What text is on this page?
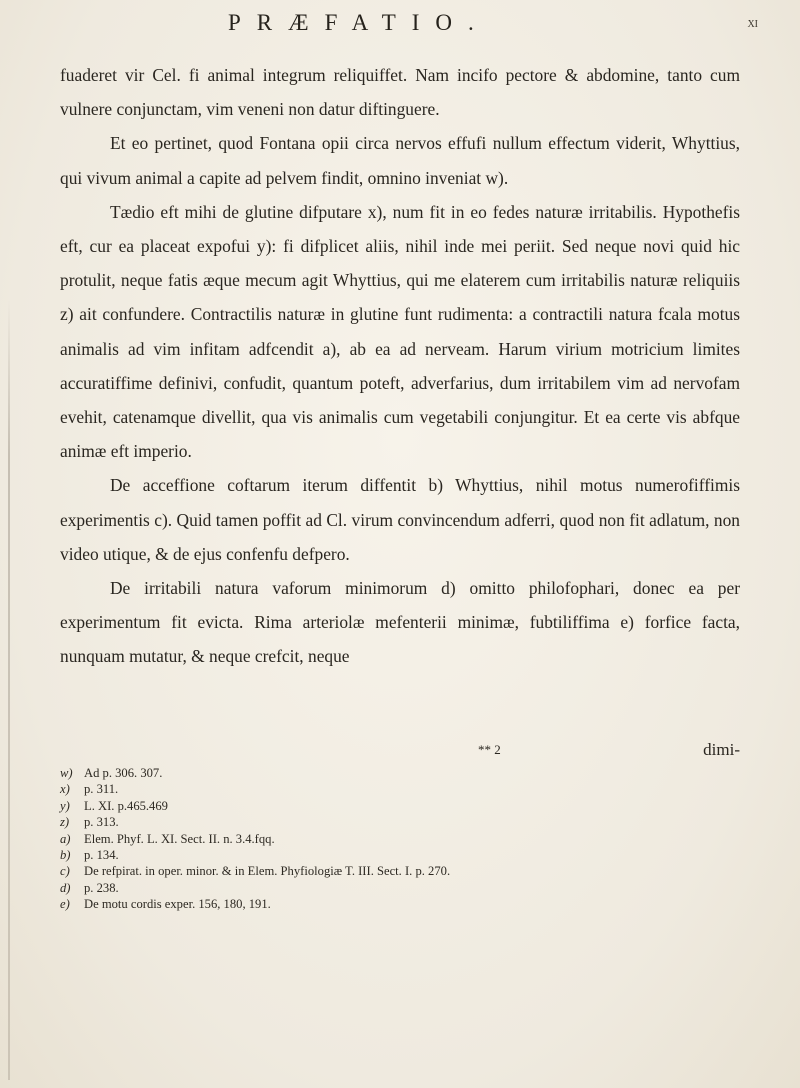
PRÆFATIO.	xi

fuaderet vir Cel. fi animal integrum reliquiffet. Nam incifo pectore & abdomine, tanto cum vulnere conjunctam, vim veneni non datur diftinguere.

Et eo pertinet, quod Fontana opii circa nervos effufi nullum effectum viderit, Whyttius, qui vivum animal a capite ad pelvem findit, omnino inveniat w).

Tædio eft mihi de glutine difputare x), num fit in eo fedes naturæ irritabilis. Hypothefis eft, cur ea placeat expofui y): fi difplicet aliis, nihil inde mei periit. Sed neque novi quid hic protulit, neque fatis æque mecum agit Whyttius, qui me elaterem cum irritabilis naturæ reliquiis z) ait confundere. Contractilis naturæ in glutine funt rudimenta: a contractili natura fcala motus animalis ad vim infitam adfcendit a), ab ea ad nerveam. Harum virium motricium limites accuratiffime definivi, confudit, quantum poteft, adverfarius, dum irritabilem vim ad nervofam evehit, catenamque divellit, qua vis animalis cum vegetabili conjungitur. Et ea certe vis abfque animæ eft imperio.

De acceffione coftarum iterum diffentit b) Whyttius, nihil motus numerofiffimis experimentis c). Quid tamen poffit ad Cl. virum convincendum adferri, quod non fit adlatum, non video utique, & de ejus confenfu defpero.

De irritabili natura vaforum minimorum d) omitto philofophari, donec ea per experimentum fit evicta. Rima arteriolæ mefenterii minimæ, fubtiliffima e) forfice facta, nunquam mutatur, & neque crefcit, neque

** 2	dimi-
w) Ad p. 306. 307.
x)	p. 311.
y)	L. XI. p.465.469
z)	p. 313.
a)	Elem. Phyf. L. XI. Sect. II. n. 3.4.fqq.
b)	p. 134.
c)	De refpirat. in oper. minor. & in Elem. Phyfiologiæ T. III. Sect. I. p. 270.
d)	p. 238.
e)	De motu cordis exper. 156, 180, 191.
